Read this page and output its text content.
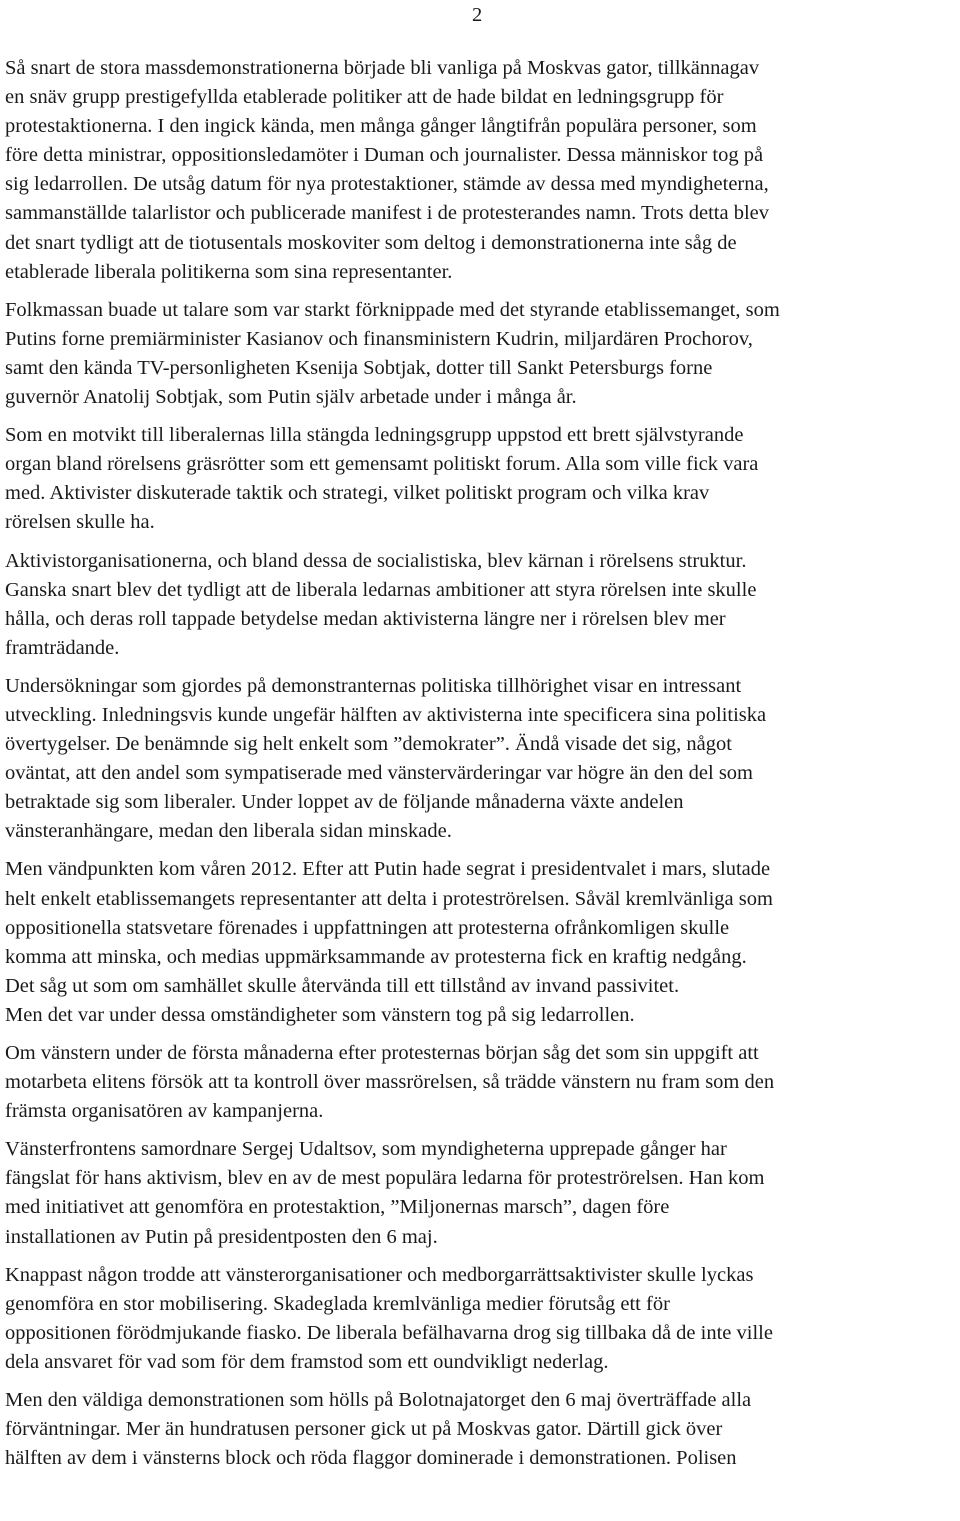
2

Så snart de stora massdemonstrationerna började bli vanliga på Moskvas gator, tillkännagav
en snäv grupp prestigefyllda etablerade politiker att de hade bildat en ledningsgrupp för
protestaktionerna. I den ingick kända, men många gånger långtifrån populära personer, som
före detta ministrar, oppositionsledamöter i Duman och journalister. Dessa människor tog på
sig ledarrollen. De utsåg datum för nya protestaktioner, stämde av dessa med myndigheterna,
sammanställde talarlistor och publicerade manifest i de protesterandes namn. Trots detta blev
det snart tydligt att de tiotusentals moskoviter som deltog i demonstrationerna inte såg de
etablerade liberala politikerna som sina representanter.

Folkmassan buade ut talare som var starkt förknippade med det styrande etablissemanget, som
Putins forne premiärminister Kasianov och finansministern Kudrin, miljardären Prochorov,
samt den kända TV-personligheten Ksenija Sobtjak, dotter till Sankt Petersburgs forne
guvernör Anatolij Sobtjak, som Putin själv arbetade under i många år.

Som en motvikt till liberalernas lilla stängda ledningsgrupp uppstod ett brett självstyrande
organ bland rörelsens gräsrötter som ett gemensamt politiskt forum. Alla som ville fick vara
med. Aktivister diskuterade taktik och strategi, vilket politiskt program och vilka krav
rörelsen skulle ha.

Aktivistorganisationerna, och bland dessa de socialistiska, blev kärnan i rörelsens struktur.
Ganska snart blev det tydligt att de liberala ledarnas ambitioner att styra rörelsen inte skulle
hålla, och deras roll tappade betydelse medan aktivisterna längre ner i rörelsen blev mer
framträdande.

Undersökningar som gjordes på demonstranternas politiska tillhörighet visar en intressant
utveckling. Inledningsvis kunde ungefär hälften av aktivisterna inte specificera sina politiska
övertygelser. De benämnde sig helt enkelt som ”demokrater”. Ändå visade det sig, något
oväntat, att den andel som sympatiserade med vänstervärderingar var högre än den del som
betraktade sig som liberaler. Under loppet av de följande månaderna växte andelen
vänsteranhängare, medan den liberala sidan minskade.

Men vändpunkten kom våren 2012. Efter att Putin hade segrat i presidentvalet i mars, slutade
helt enkelt etablissemangets representanter att delta i proteströrelsen. Såväl kremlvänliga som
oppositionella statsvetare förenades i uppfattningen att protesterna ofrånkomligen skulle
komma att minska, och medias uppmärksammande av protesterna fick en kraftig nedgång.
Det såg ut som om samhället skulle återvända till ett tillstånd av invand passivitet.
Men det var under dessa omständigheter som vänstern tog på sig ledarrollen.

Om vänstern under de första månaderna efter protesternas början såg det som sin uppgift att
motarbeta elitens försök att ta kontroll över massrörelsen, så trädde vänstern nu fram som den
främsta organisatören av kampanjerna.

Vänsterfrontens samordnare Sergej Udaltsov, som myndigheterna upprepade gånger har
fängslat för hans aktivism, blev en av de mest populära ledarna för proteströrelsen. Han kom
med initiativet att genomföra en protestaktion, ”Miljonernas marsch”, dagen före
installationen av Putin på presidentposten den 6 maj.

Knappast någon trodde att vänsterorganisationer och medborgarrättsaktivister skulle lyckas
genomföra en stor mobilisering. Skadeglada kremlvänliga medier förutsåg ett för
oppositionen förödmjukande fiasko. De liberala befälhavarna drog sig tillbaka då de inte ville
dela ansvaret för vad som för dem framstod som ett oundvikligt nederlag.

Men den väldiga demonstrationen som hölls på Bolotnajatorget den 6 maj överträffade alla
förväntningar. Mer än hundratusen personer gick ut på Moskvas gator. Därtill gick över
hälften av dem i vänsterns block och röda flaggor dominerade i demonstrationen. Polisen
